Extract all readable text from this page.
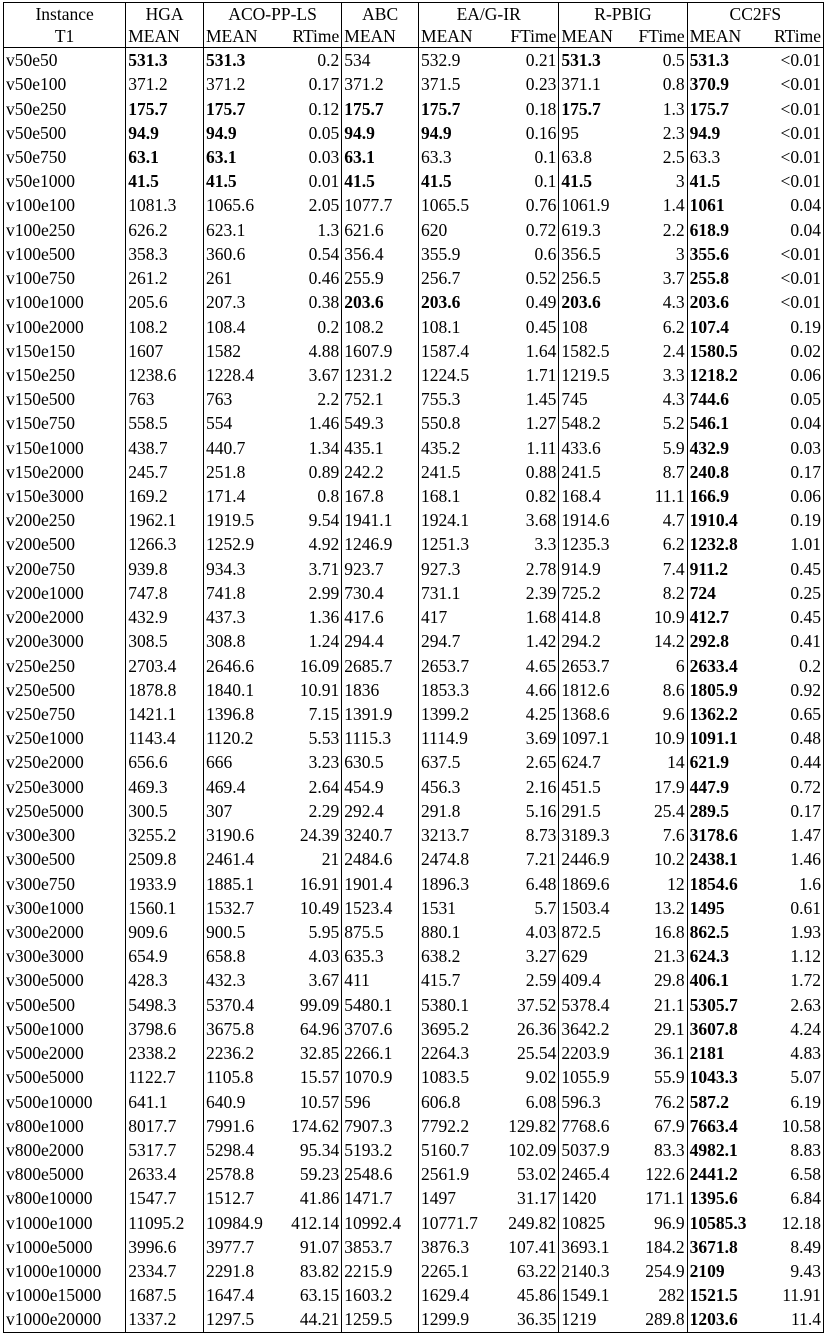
Instance	HGA	ACO-PP-LS		ABC	EA/G-IR		R-PBIG		CC2FS	
T1	MEAN	MEAN	RTime	MEAN	MEAN	FTime	MEAN	FTime	MEAN	RTime
v50e50	531.3	531.3	0.2	534	532.9	0.21	531.3	0.5	531.3	<0.01
v50e100	371.2	371.2	0.17	371.2	371.5	0.23	371.1	0.8	370.9	<0.01
v50e250	175.7	175.7	0.12	175.7	175.7	0.18	175.7	1.3	175.7	<0.01
v50e500	94.9	94.9	0.05	94.9	94.9	0.16	95	2.3	94.9	<0.01
v50e750	63.1	63.1	0.03	63.1	63.3	0.1	63.8	2.5	63.3	<0.01
v50e1000	41.5	41.5	0.01	41.5	41.5	0.1	41.5	3	41.5	<0.01
v100e100	1081.3	1065.6	2.05	1077.7	1065.5	0.76	1061.9	1.4	1061	0.04
v100e250	626.2	623.1	1.3	621.6	620	0.72	619.3	2.2	618.9	0.04
v100e500	358.3	360.6	0.54	356.4	355.9	0.6	356.5	3	355.6	<0.01
v100e750	261.2	261	0.46	255.9	256.7	0.52	256.5	3.7	255.8	<0.01
v100e1000	205.6	207.3	0.38	203.6	203.6	0.49	203.6	4.3	203.6	<0.01
v100e2000	108.2	108.4	0.2	108.2	108.1	0.45	108	6.2	107.4	0.19
v150e150	1607	1582	4.88	1607.9	1587.4	1.64	1582.5	2.4	1580.5	0.02
v150e250	1238.6	1228.4	3.67	1231.2	1224.5	1.71	1219.5	3.3	1218.2	0.06
v150e500	763	763	2.2	752.1	755.3	1.45	745	4.3	744.6	0.05
v150e750	558.5	554	1.46	549.3	550.8	1.27	548.2	5.2	546.1	0.04
v150e1000	438.7	440.7	1.34	435.1	435.2	1.11	433.6	5.9	432.9	0.03
v150e2000	245.7	251.8	0.89	242.2	241.5	0.88	241.5	8.7	240.8	0.17
v150e3000	169.2	171.4	0.8	167.8	168.1	0.82	168.4	11.1	166.9	0.06
v200e250	1962.1	1919.5	9.54	1941.1	1924.1	3.68	1914.6	4.7	1910.4	0.19
v200e500	1266.3	1252.9	4.92	1246.9	1251.3	3.3	1235.3	6.2	1232.8	1.01
v200e750	939.8	934.3	3.71	923.7	927.3	2.78	914.9	7.4	911.2	0.45
v200e1000	747.8	741.8	2.99	730.4	731.1	2.39	725.2	8.2	724	0.25
v200e2000	432.9	437.3	1.36	417.6	417	1.68	414.8	10.9	412.7	0.45
v200e3000	308.5	308.8	1.24	294.4	294.7	1.42	294.2	14.2	292.8	0.41
v250e250	2703.4	2646.6	16.09	2685.7	2653.7	4.65	2653.7	6	2633.4	0.2
v250e500	1878.8	1840.1	10.91	1836	1853.3	4.66	1812.6	8.6	1805.9	0.92
v250e750	1421.1	1396.8	7.15	1391.9	1399.2	4.25	1368.6	9.6	1362.2	0.65
v250e1000	1143.4	1120.2	5.53	1115.3	1114.9	3.69	1097.1	10.9	1091.1	0.48
v250e2000	656.6	666	3.23	630.5	637.5	2.65	624.7	14	621.9	0.44
v250e3000	469.3	469.4	2.64	454.9	456.3	2.16	451.5	17.9	447.9	0.72
v250e5000	300.5	307	2.29	292.4	291.8	5.16	291.5	25.4	289.5	0.17
v300e300	3255.2	3190.6	24.39	3240.7	3213.7	8.73	3189.3	7.6	3178.6	1.47
v300e500	2509.8	2461.4	21	2484.6	2474.8	7.21	2446.9	10.2	2438.1	1.46
v300e750	1933.9	1885.1	16.91	1901.4	1896.3	6.48	1869.6	12	1854.6	1.6
v300e1000	1560.1	1532.7	10.49	1523.4	1531	5.7	1503.4	13.2	1495	0.61
v300e2000	909.6	900.5	5.95	875.5	880.1	4.03	872.5	16.8	862.5	1.93
v300e3000	654.9	658.8	4.03	635.3	638.2	3.27	629	21.3	624.3	1.12
v300e5000	428.3	432.3	3.67	411	415.7	2.59	409.4	29.8	406.1	1.72
v500e500	5498.3	5370.4	99.09	5480.1	5380.1	37.52	5378.4	21.1	5305.7	2.63
v500e1000	3798.6	3675.8	64.96	3707.6	3695.2	26.36	3642.2	29.1	3607.8	4.24
v500e2000	2338.2	2236.2	32.85	2266.1	2264.3	25.54	2203.9	36.1	2181	4.83
v500e5000	1122.7	1105.8	15.57	1070.9	1083.5	9.02	1055.9	55.9	1043.3	5.07
v500e10000	641.1	640.9	10.57	596	606.8	6.08	596.3	76.2	587.2	6.19
v800e1000	8017.7	7991.6	174.62	7907.3	7792.2	129.82	7768.6	67.9	7663.4	10.58
v800e2000	5317.7	5298.4	95.34	5193.2	5160.7	102.09	5037.9	83.3	4982.1	8.83
v800e5000	2633.4	2578.8	59.23	2548.6	2561.9	53.02	2465.4	122.6	2441.2	6.58
v800e10000	1547.7	1512.7	41.86	1471.7	1497	31.17	1420	171.1	1395.6	6.84
v1000e1000	11095.2	10984.9	412.14	10992.4	10771.7	249.82	10825	96.9	10585.3	12.18
v1000e5000	3996.6	3977.7	91.07	3853.7	3876.3	107.41	3693.1	184.2	3671.8	8.49
v1000e10000	2334.7	2291.8	83.82	2215.9	2265.1	63.22	2140.3	254.9	2109	9.43
v1000e15000	1687.5	1647.4	63.15	1603.2	1629.4	45.86	1549.1	282	1521.5	11.91
v1000e20000	1337.2	1297.5	44.21	1259.5	1299.9	36.35	1219	289.8	1203.6	11.4
